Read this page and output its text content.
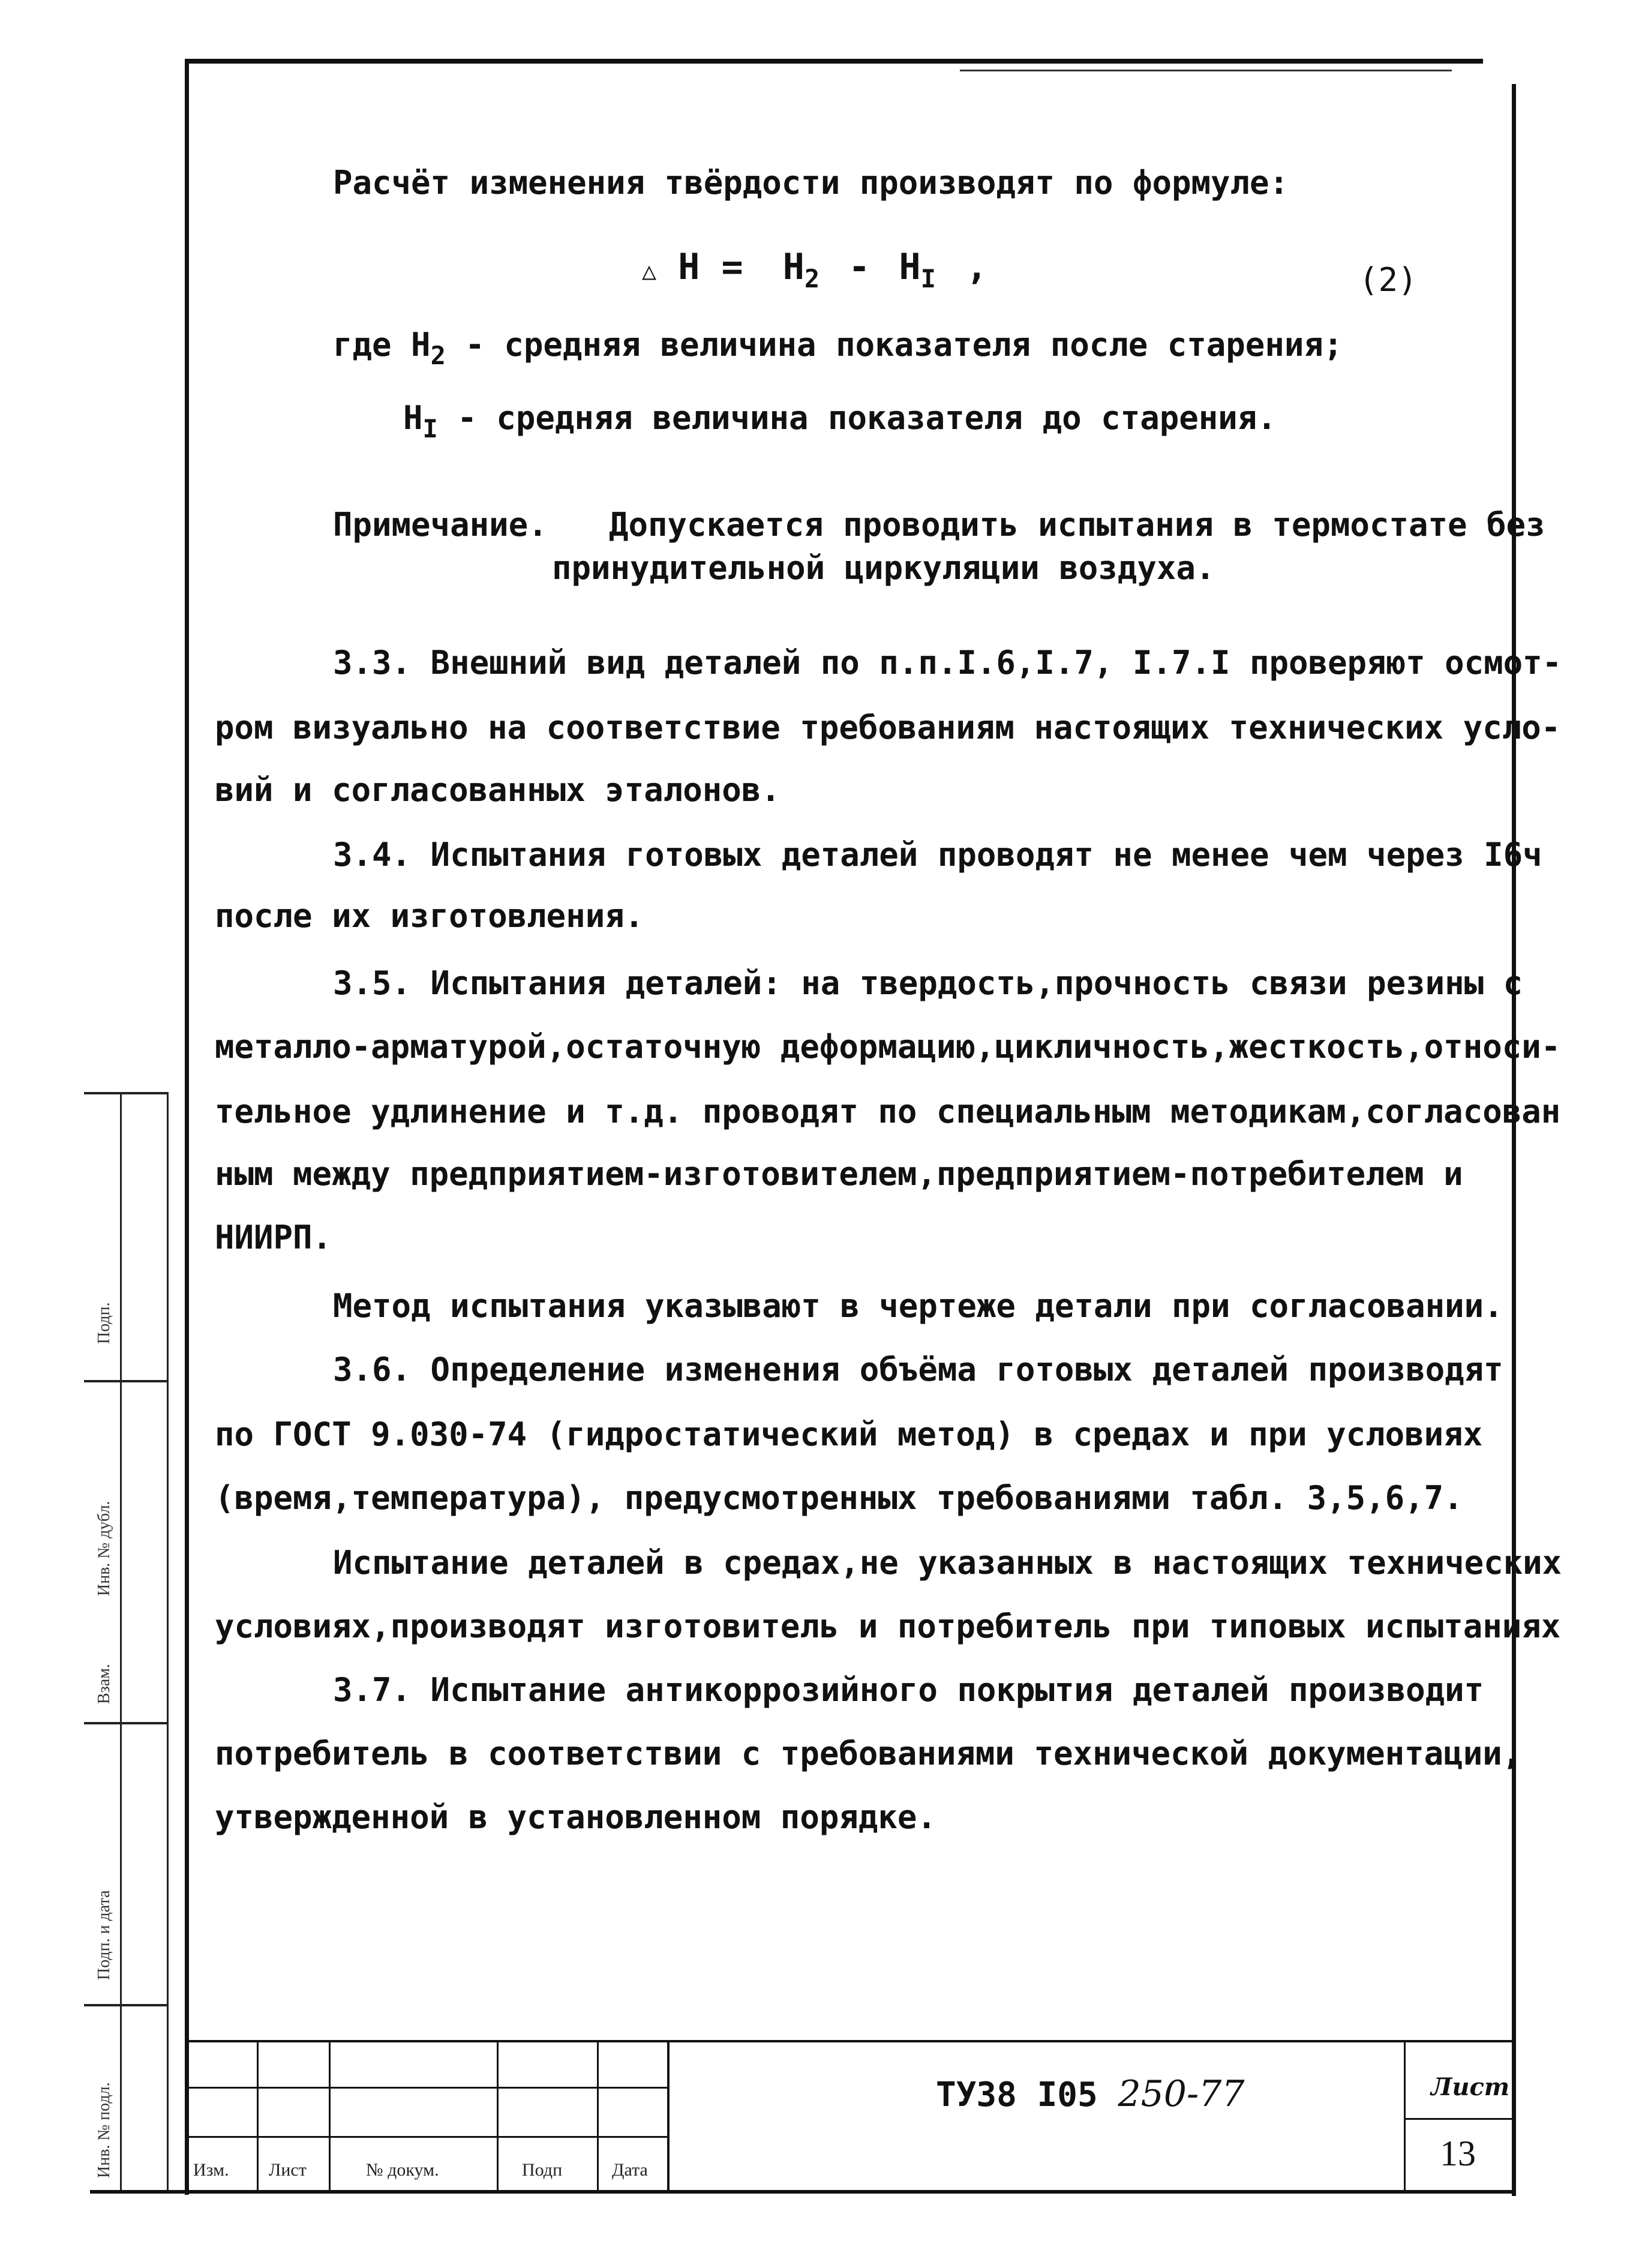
Инв. № подл.
Подп. и дата
Взам.
Инв. № дубл.
Подп.
Расчёт изменения твёрдости производят по формуле:
△ $Н = Н_2 - Н_I$ ,	(2)
где $Н_2$ - средняя величина показателя после старения;
$Н_I$ - средняя величина показателя до старения.
Примечание. Допускается проводить испытания в термостате без
принудительной циркуляции воздуха.
3.3. Внешний вид деталей по п.п.I.6,I.7, I.7.I проверяют осмот-
ром визуально на соответствие требованиям настоящих технических усло-
вий и согласованных эталонов.
3.4. Испытания готовых деталей проводят не менее чем через I6ч
после их изготовления.
3.5. Испытания деталей: на твердость,прочность связи резины с
металло-арматурой,остаточную деформацию,цикличность,жесткость,относи-
тельное удлинение и т.д. проводят по специальным методикам,согласован
ным между предприятием-изготовителем,предприятием-потребителем и
НИИРП.
Метод испытания указывают в чертеже детали при согласовании.
3.6. Определение изменения объёма готовых деталей производят
по ГОСТ 9.030-74 (гидростатический метод) в средах и при условиях
(время,температура), предусмотренных требованиями табл. 3,5,6,7.
Испытание деталей в средах,не указанных в настоящих технических
условиях,производят изготовитель и потребитель при типовых испытаниях
3.7. Испытание антикоррозийного покрытия деталей производит
потребитель в соответствии с требованиями технической документации,
утвержденной в установленном порядке.
Изм. Лист	№ докум.	Подп	Дата
ТУ38 I05 250-77	Лист
13
